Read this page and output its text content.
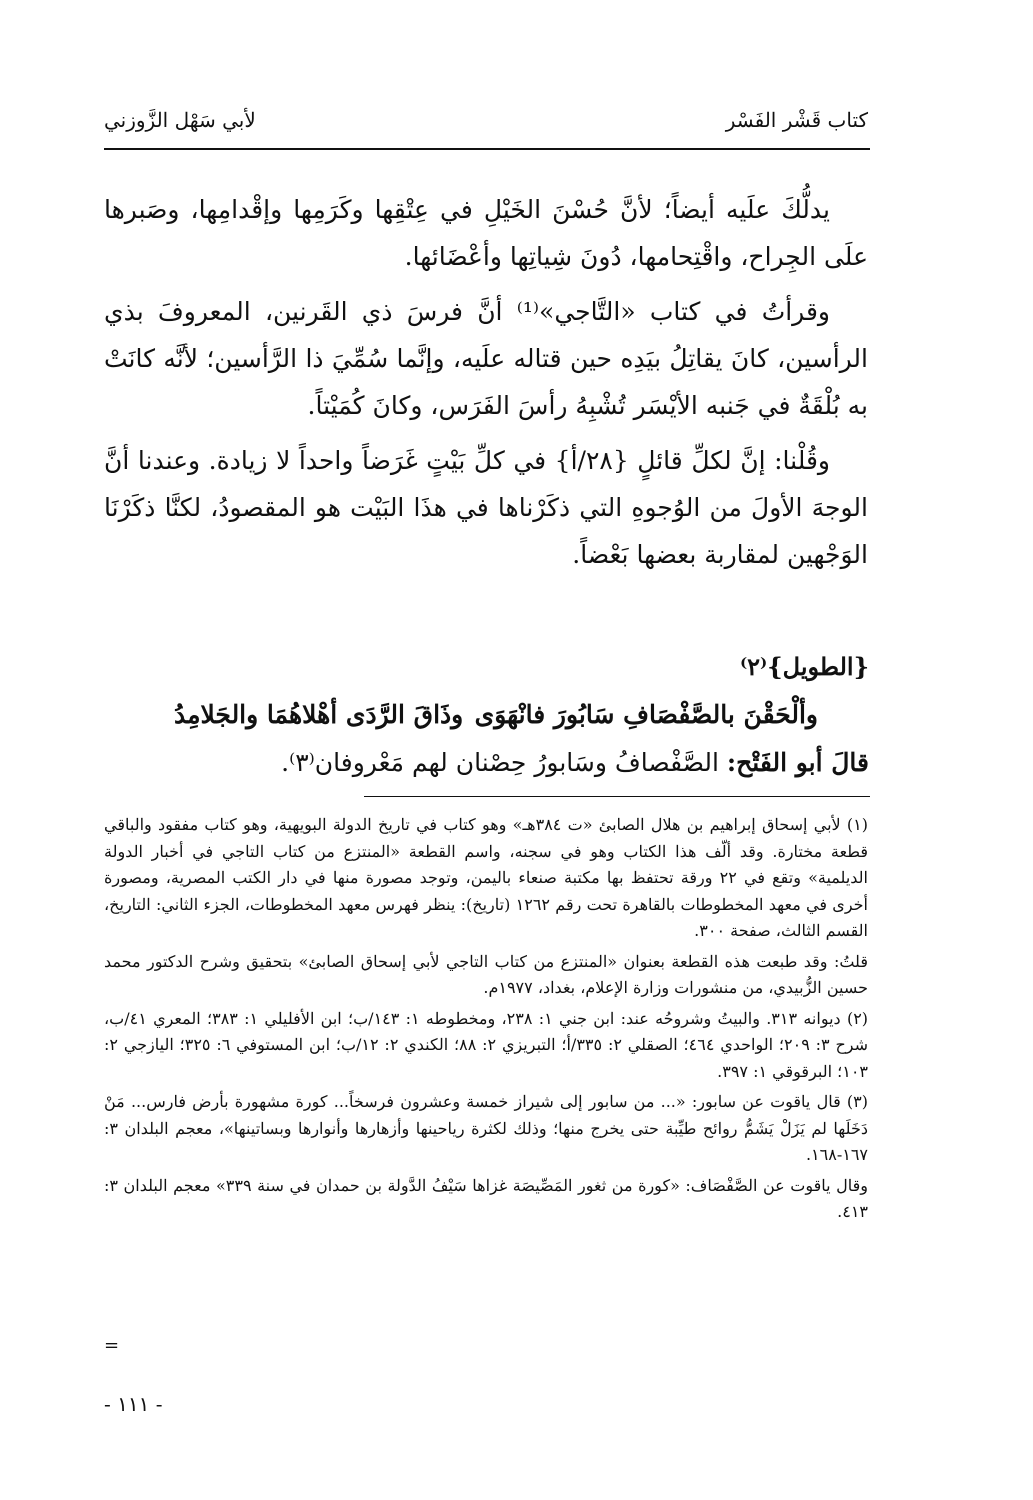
كتاب قَشْر الفَسْر
لأبي سَهْل الزَّوزني

يدلُّكَ علَيه أيضاً؛ لأنَّ حُسْنَ الخَيْلِ في عِتْقِها وكَرَمِها وإقْدامِها، وصَبرها علَى الجِراح، واقْتِحامها، دُونَ شِياتِها وأعْضَائها.

وقرأتُ في كتاب «التَّاجي»⁽¹⁾ أنَّ فرسَ ذي القَرنين، المعروفَ بذي الرأسين، كانَ يقاتِلُ بيَدِه حين قتاله علَيه، وإنَّما سُمِّيَ ذا الرَّأسين؛ لأنَّه كانَتْ به بُلْقَةٌ في جَنبه الأيْسَر تُشْبِهُ رأسَ الفَرَس، وكانَ كُمَيْتاً.

وقُلْنا: إنَّ لكلِّ قائلٍ {٢٨/أ} في كلِّ بَيْتٍ غَرَضاً واحداً لا زيادة. وعندنا أنَّ الوجهَ الأولَ من الوُجوهِ التي ذكَرْناها في هذَا البَيْت هو المقصودُ، لكنَّا ذكَرْنَا الوَجْهين لمقاربة بعضها بَعْضاً.

{الطويل}⁽٢⁾
وألْحَقْنَ بالصَّفْصَافِ سَابُورَ فانْهَوَى
وذَاقَ الرَّدَى أهْلاهُمَا والجَلامِدُ
قالَ أبو الفَتْح: الصَّفْصافُ وسَابورُ حِصْنان لهم مَعْروفان⁽٣⁾.

(١) لأبي إسحاق إبراهيم بن هلال الصابئ «ت ٣٨٤هـ» وهو كتاب في تاريخ الدولة البويهية، وهو كتاب مفقود والباقي قطعة مختارة. وقد ألّف هذا الكتاب وهو في سجنه، واسم القطعة «المنتزع من كتاب التاجي في أخبار الدولة الديلمية» وتقع في ٢٢ ورقة تحتفظ بها مكتبة صنعاء باليمن، وتوجد مصورة منها في دار الكتب المصرية، ومصورة أخرى في معهد المخطوطات بالقاهرة تحت رقم ١٢٦٢ (تاريخ): ينظر فهرس معهد المخطوطات، الجزء الثاني: التاريخ، القسم الثالث، صفحة ٣٠٠.

قلتُ: وقد طبعت هذه القطعة بعنوان «المنتزع من كتاب التاجي لأبي إسحاق الصابئ» بتحقيق وشرح الدكتور محمد حسين الزُّبيدي، من منشورات وزارة الإعلام، بغداد، ١٩٧٧م.

(٢) ديوانه ٣١٣. والبيتُ وشروحُه عند: ابن جني ١: ٢٣٨، ومخطوطه ١: ١٤٣/ب؛ ابن الأفليلي ١: ٣٨٣؛ المعري ٤١/ب، شرح ٣: ٢٠٩؛ الواحدي ٤٦٤؛ الصقلي ٢: ٣٣٥/أ؛ التبريزي ٢: ٨٨؛ الكندي ٢: ١٢/ب؛ ابن المستوفي ٦: ٣٢٥؛ اليازجي ٢: ١٠٣؛ البرقوقي ١: ٣٩٧.

(٣) قال ياقوت عن سابور: «... من سابور إلى شيراز خمسة وعشرون فرسخاً... كورة مشهورة بأرض فارس... مَنْ دَخَلَها لم يَزَلْ يَشَمُّ روائح طيِّبة حتى يخرج منها؛ وذلك لكثرة رياحينها وأزهارها وأنوارها وبساتينها»، معجم البلدان ٣: ١٦٧-١٦٨.

وقال ياقوت عن الصَّفْصَاف: «كورة من ثغور المَصِّيصَة غزاها سَيْفُ الدَّولة بن حمدان في سنة ٣٣٩» معجم البلدان ٣: ٤١٣.

=
- ١١١ -
